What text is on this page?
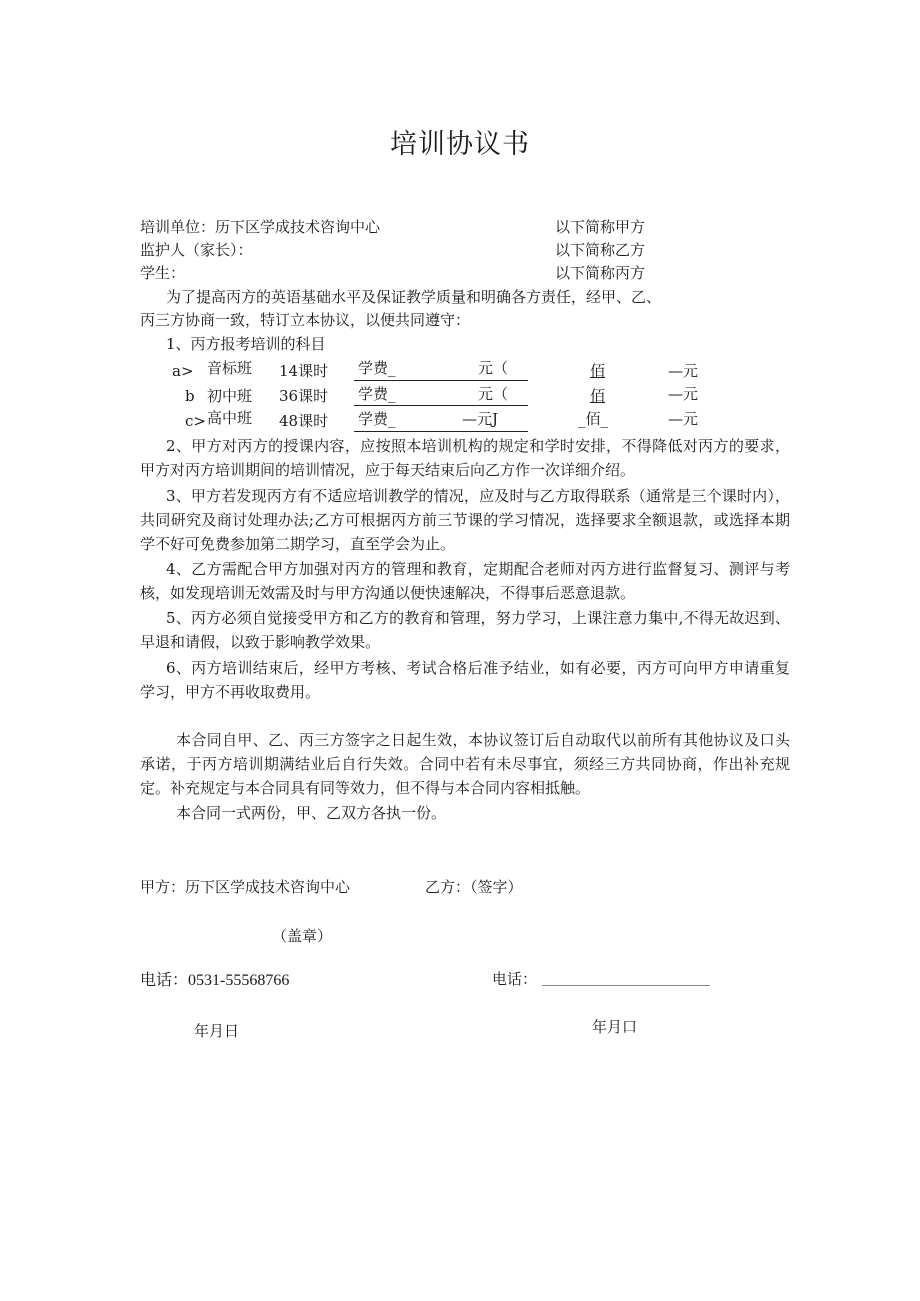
培训协议书
培训单位：历下区学成技术咨询中心	以下简称甲方
监护人（家长）：	以下简称乙方
学生：	以下简称丙方
为了提高丙方的英语基础水平及保证教学质量和明确各方责任，经甲、乙、
丙三方协商一致，特订立本协议，以便共同遵守：
1、丙方报考培训的科目
a> 音标班 14课时 学费_	元（	佰	—元
b 初中班 36课时 学费_	元（	佰	—元
c> 高中班 48课时 学费_	—元J	_佰_	—元
2、甲方对丙方的授课内容，应按照本培训机构的规定和学时安排，不得降低对丙方的要求，甲方对丙方培训期间的培训情况，应于每天结束后向乙方作一次详细介绍。
3、甲方若发现丙方有不适应培训教学的情况，应及时与乙方取得联系（通常是三个课时内），共同研究及商讨处理办法;乙方可根据丙方前三节课的学习情况，选择要求全额退款，或选择本期学不好可免费参加第二期学习，直至学会为止。
4、乙方需配合甲方加强对丙方的管理和教育，定期配合老师对丙方进行监督复习、测评与考核，如发现培训无效需及时与甲方沟通以便快速解决，不得事后恶意退款。
5、丙方必须自觉接受甲方和乙方的教育和管理，努力学习，上课注意力集中,不得无故迟到、早退和请假，以致于影响教学效果。
6、丙方培训结束后，经甲方考核、考试合格后准予结业，如有必要，丙方可向甲方申请重复学习，甲方不再收取费用。
本合同自甲、乙、丙三方签字之日起生效，本协议签订后自动取代以前所有其他协议及口头承诺，于丙方培训期满结业后自行失效。合同中若有未尽事宜，须经三方共同协商，作出补充规定。补充规定与本合同具有同等效力，但不得与本合同内容相抵触。
本合同一式两份，甲、乙双方各执一份。
甲方：历下区学成技术咨询中心	乙方：（签字）
（盖章）
电话：0531-55568766	电话：
年月日	年月口
